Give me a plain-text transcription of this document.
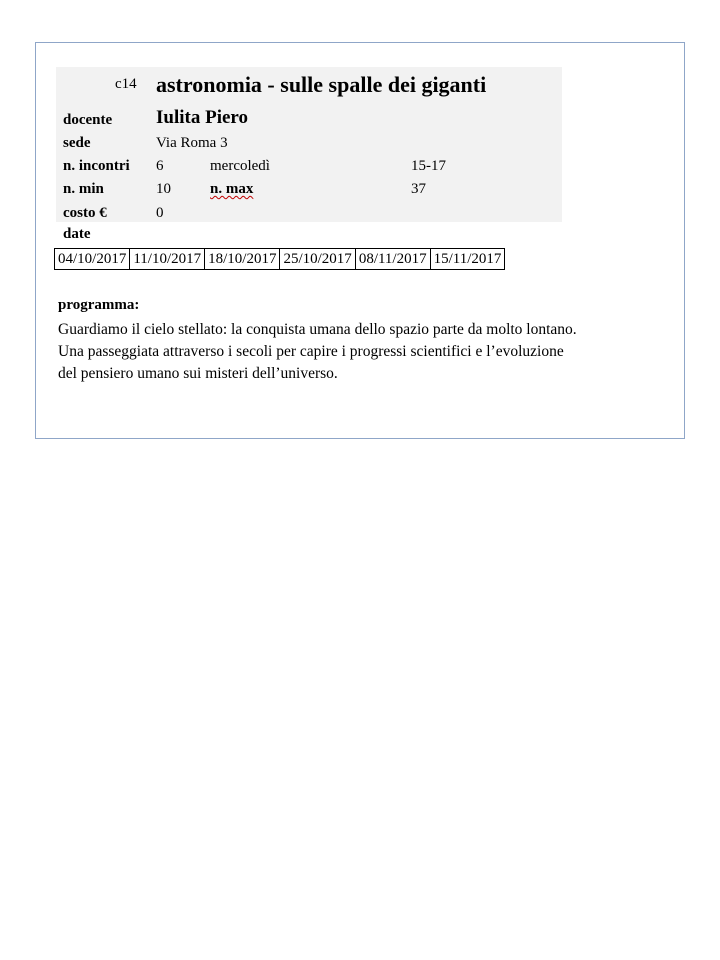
c14 astronomia - sulle spalle dei giganti
docente Iulita Piero
sede	Via Roma 3
n. incontri 6	mercoledì	15-17
n. min	10	n. max	37
costo €	0
date
04/10/2017	11/10/2017	18/10/2017	25/10/2017	08/11/2017	15/11/2017
programma:
Guardiamo il cielo stellato: la conquista umana dello spazio parte da molto lontano.
Una passeggiata attraverso i secoli per capire i progressi scientifici e l’evoluzione
del pensiero umano sui misteri dell’universo.
